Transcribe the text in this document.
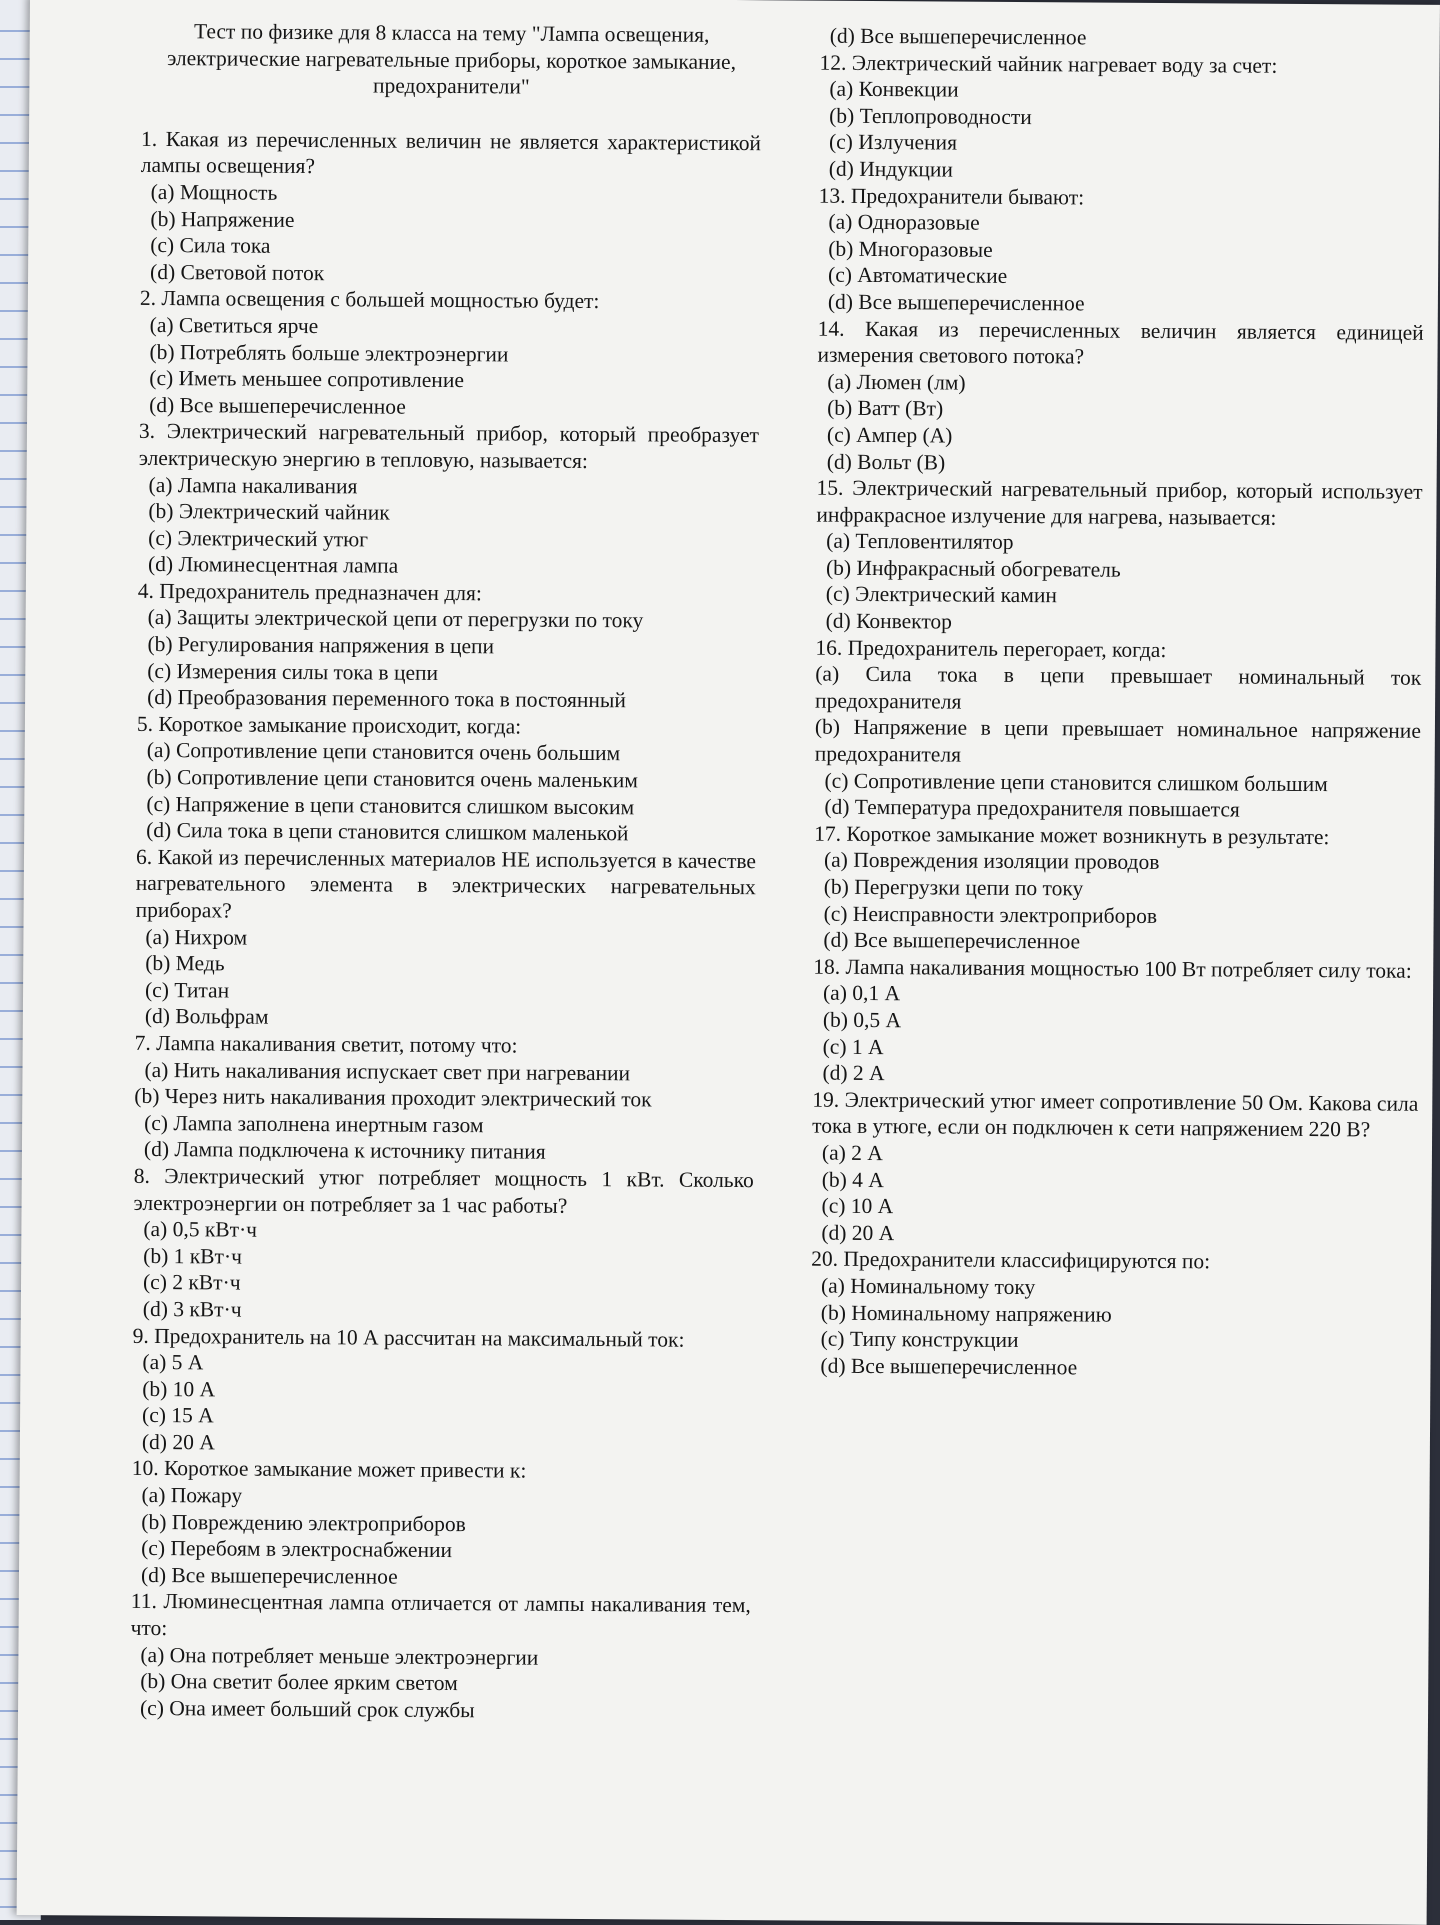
Тест по физике для 8 класса на тему "Лампа освещения, электрические нагревательные приборы, короткое замыкание, предохранители"
1. Какая из перечисленных величин не является характеристикой лампы освещения?
(a) Мощность
(b) Напряжение
(c) Сила тока
(d) Световой поток
2. Лампа освещения с большей мощностью будет:
(a) Светиться ярче
(b) Потреблять больше электроэнергии
(c) Иметь меньшее сопротивление
(d) Все вышеперечисленное
3. Электрический нагревательный прибор, который преобразует электрическую энергию в тепловую, называется:
(a) Лампа накаливания
(b) Электрический чайник
(c) Электрический утюг
(d) Люминесцентная лампа
4. Предохранитель предназначен для:
(a) Защиты электрической цепи от перегрузки по току
(b) Регулирования напряжения в цепи
(c) Измерения силы тока в цепи
(d) Преобразования переменного тока в постоянный
5. Короткое замыкание происходит, когда:
(a) Сопротивление цепи становится очень большим
(b) Сопротивление цепи становится очень маленьким
(c) Напряжение в цепи становится слишком высоким
(d) Сила тока в цепи становится слишком маленькой
6. Какой из перечисленных материалов НЕ используется в качестве нагревательного элемента в электрических нагревательных приборах?
(a) Нихром
(b) Медь
(c) Титан
(d) Вольфрам
7. Лампа накаливания светит, потому что:
(a) Нить накаливания испускает свет при нагревании
(b) Через нить накаливания проходит электрический ток
(c) Лампа заполнена инертным газом
(d) Лампа подключена к источнику питания
8. Электрический утюг потребляет мощность 1 кВт. Сколько электроэнергии он потребляет за 1 час работы?
(a) 0,5 кВт·ч
(b) 1 кВт·ч
(c) 2 кВт·ч
(d) 3 кВт·ч
9. Предохранитель на 10 А рассчитан на максимальный ток:
(a) 5 А
(b) 10 А
(c) 15 А
(d) 20 А
10. Короткое замыкание может привести к:
(a) Пожару
(b) Повреждению электроприборов
(c) Перебоям в электроснабжении
(d) Все вышеперечисленное
11. Люминесцентная лампа отличается от лампы накаливания тем, что:
(a) Она потребляет меньше электроэнергии
(b) Она светит более ярким светом
(c) Она имеет больший срок службы
(d) Все вышеперечисленное
12. Электрический чайник нагревает воду за счет:
(a) Конвекции
(b) Теплопроводности
(c) Излучения
(d) Индукции
13. Предохранители бывают:
(a) Одноразовые
(b) Многоразовые
(c) Автоматические
(d) Все вышеперечисленное
14. Какая из перечисленных величин является единицей измерения светового потока?
(a) Люмен (лм)
(b) Ватт (Вт)
(c) Ампер (А)
(d) Вольт (В)
15. Электрический нагревательный прибор, который использует инфракрасное излучение для нагрева, называется:
(a) Тепловентилятор
(b) Инфракрасный обогреватель
(c) Электрический камин
(d) Конвектор
16. Предохранитель перегорает, когда:
(a) Сила тока в цепи превышает номинальный ток предохранителя
(b) Напряжение в цепи превышает номинальное напряжение предохранителя
(c) Сопротивление цепи становится слишком большим
(d) Температура предохранителя повышается
17. Короткое замыкание может возникнуть в результате:
(a) Повреждения изоляции проводов
(b) Перегрузки цепи по току
(c) Неисправности электроприборов
(d) Все вышеперечисленное
18. Лампа накаливания мощностью 100 Вт потребляет силу тока:
(a) 0,1 А
(b) 0,5 А
(c) 1 А
(d) 2 А
19. Электрический утюг имеет сопротивление 50 Ом. Какова сила тока в утюге, если он подключен к сети напряжением 220 В?
(a) 2 А
(b) 4 А
(c) 10 А
(d) 20 А
20. Предохранители классифицируются по:
(a) Номинальному току
(b) Номинальному напряжению
(c) Типу конструкции
(d) Все вышеперечисленное
